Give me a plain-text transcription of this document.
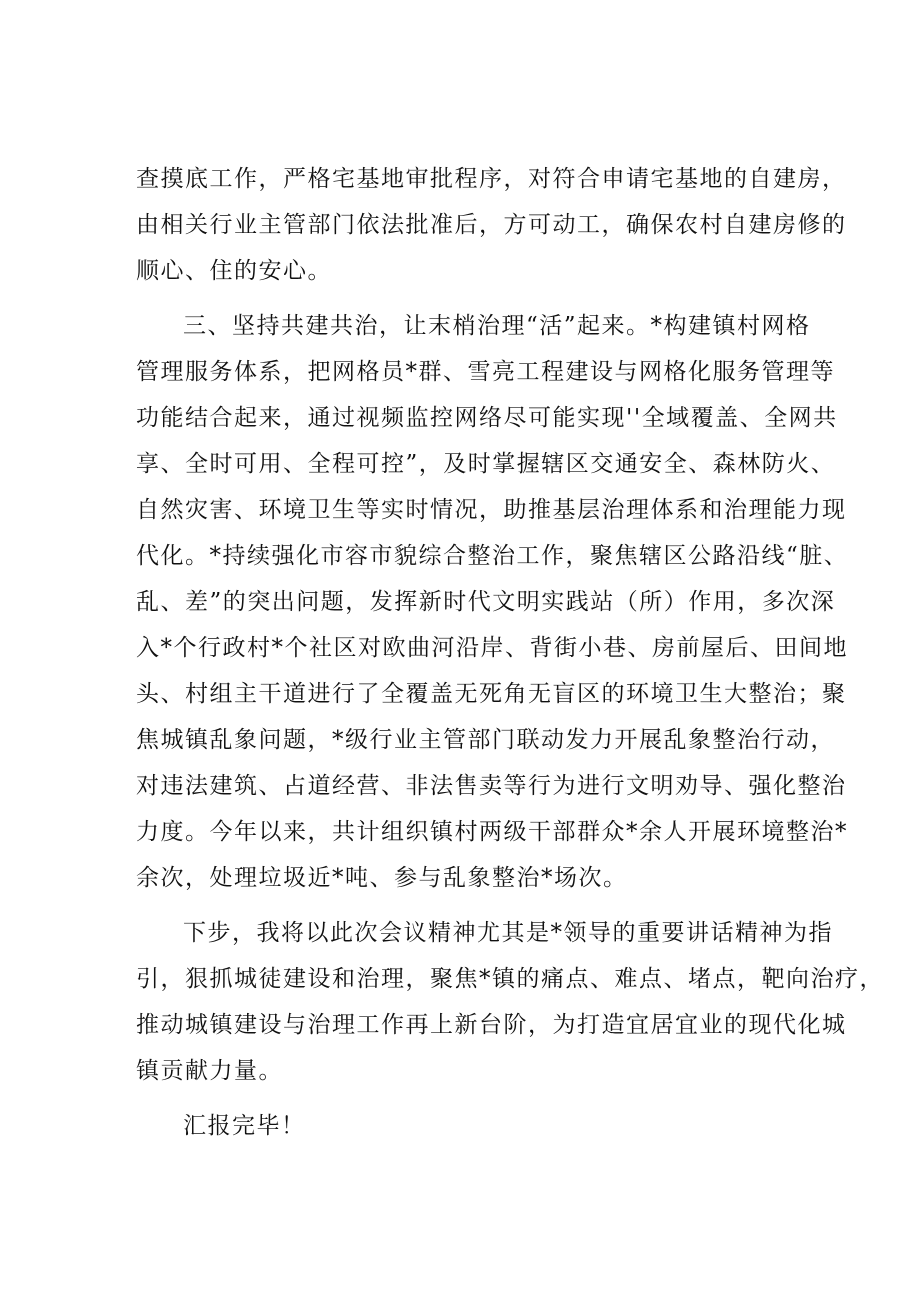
查摸底工作，严格宅基地审批程序，对符合申请宅基地的自建房，
由相关行业主管部门依法批准后，方可动工，确保农村自建房修的
顺心、住的安心。
三、坚持共建共治，让末梢治理“活”起来。*构建镇村网格
管理服务体系，把网格员*群、雪亮工程建设与网格化服务管理等
功能结合起来，通过视频监控网络尽可能实现''全域覆盖、全网共
享、全时可用、全程可控”，及时掌握辖区交通安全、森林防火、
自然灾害、环境卫生等实时情况，助推基层治理体系和治理能力现
代化。*持续强化市容市貌综合整治工作，聚焦辖区公路沿线“脏、
乱、差”的突出问题，发挥新时代文明实践站（所）作用，多次深
入*个行政村*个社区对欧曲河沿岸、背街小巷、房前屋后、田间地
头、村组主干道进行了全覆盖无死角无盲区的环境卫生大整治；聚
焦城镇乱象问题，*级行业主管部门联动发力开展乱象整治行动，
对违法建筑、占道经营、非法售卖等行为进行文明劝导、强化整治
力度。今年以来，共计组织镇村两级干部群众*余人开展环境整治*
余次，处理垃圾近*吨、参与乱象整治*场次。
下步，我将以此次会议精神尤其是*领导的重要讲话精神为指
引，狠抓城徒建设和治理，聚焦*镇的痛点、难点、堵点，靶向治疗，
推动城镇建设与治理工作再上新台阶，为打造宜居宜业的现代化城
镇贡献力量。
汇报完毕！
